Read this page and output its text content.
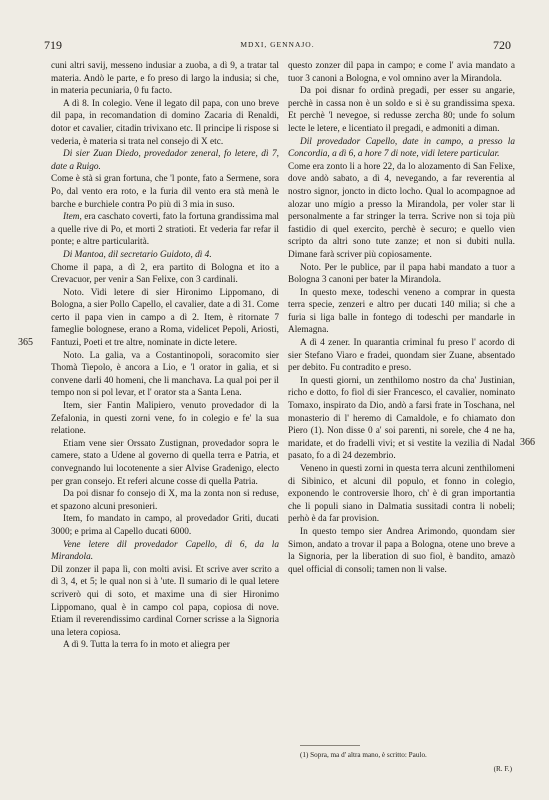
719	MDXI, GENNAJO.	720
365
366

cuni altri savij, messeno indusiar a zuoba, a dì 9, a tratar tal materia. Andò le parte, e fo preso di largo la indusia; si che, in materia pecuniaria, 0 fu facto.

A dì 8. In colegio. Vene il legato dil papa, con uno breve dil papa, in recomandation di domino Zacaria di Renaldi, dotor et cavalier, citadin trivixano etc. Il principe li rispose si vederia, è materia si trata nel consejo di X etc.

Di sier Zuan Diedo, provedador zeneral, fo letere, dì 7, date a Ruigo.

Come è stà si gran fortuna, che 'l ponte, fato a Sermene, sora Po, dal vento era roto, e la furia dil vento era stà menà le barche e burchiele contra Po più di 3 mia in suso.

Item, era caschato coverti, fato la fortuna grandissima mal a quelle rive di Po, et morti 2 stratioti. Et vederia far refar il ponte; e altre particularità.

Di Mantoa, dil secretario Guidoto, dì 4.

Chome il papa, a dì 2, era partito di Bologna et ito a Crevacuor, per venir a San Felixe, con 3 cardinali.

Noto. Vidi letere di sier Hironimo Lippomano, di Bologna, a sier Pollo Capello, el cavalier, date a dì 31. Come certo il papa vien in campo a dì 2. Item, è ritornate 7 fameglie bolognese, erano a Roma, videlicet Pepoli, Ariosti, Fantuzi, Poeti et tre altre, nominate in dicte letere.

Noto. La galia, va a Costantinopoli, soracomito sier Thomà Tiepolo, è ancora a Lio, e 'l orator in galia, et si convene darli 40 homeni, che li manchava. La qual poi per il tempo non si pol levar, et l' orator sta a Santa Lena.

Item, sier Fantin Malipiero, venuto provedador di la Zefalonia, in questi zorni vene, fo in colegio e fe' la sua relatione.

Etiam vene sier Orssato Zustignan, provedador sopra le camere, stato a Udene al governo di quella terra e Patria, et convegnando lui locotenente a sier Alvise Gradenigo, electo per gran consejo. Et referi alcune cosse di quella Patria.

Da poi disnar fo consejo di X, ma la zonta non si reduse, et spazono alcuni presonieri.

Item, fo mandato in campo, al provedador Griti, ducati 3000; e prima al Capello ducati 6000.

Vene letere dil provedador Capello, di 6, da la Mirandola.

Dil zonzer il papa lì, con molti avisi. Et scrive aver scrito a dì 3, 4, et 5; le qual non si à 'ute. Il sumario di le qual letere scriverò qui di soto, et maxime una di sier Hironimo Lippomano, qual è in campo col papa, copiosa di nove. Etiam il reverendissimo cardinal Corner scrisse a la Signoria una letera copiosa.

A dì 9. Tutta la terra fo in moto et aliegra per

questo zonzer dil papa in campo; e come l' avia mandato a tuor 3 canoni a Bologna, e vol omnino aver la Mirandola.

Da poi disnar fo ordinà pregadi, per esser su angarie, perchè in cassa non è un soldo e si è su grandissima spexa. Et perchè 'l nevegoe, si redusse zercha 80; unde fo solum lecte le letere, e licentiato il pregadi, e admoniti a diman.

Dil provedador Capello, date in campo, a presso la Concordia, a dì 6, a hore 7 di note, vidi letere particular.

Come era zonto li a hore 22, da lo alozamento di San Felixe, dove andò sabato, a dì 4, nevegando, a far reverentia al nostro signor, joncto in dicto locho. Qual lo acompagnoe ad alozar uno mígio a presso la Mirandola, per voler star li personalmente a far stringer la terra. Scrive non si toja più fastidio di quel exercito, perchè è securo; e quello vien scripto da altri sono tute zanze; et non si dubiti nulla. Dimane farà scriver più copiosamente.

Noto. Per le publice, par il papa habi mandato a tuor a Bologna 3 canoni per bater la Mirandola.

In questo mexe, todeschi veneno a comprar in questa terra specie, zenzeri e altro per ducati 140 milia; si che a furia si liga balle in fontego di todeschi per mandarle in Alemagna.

A dì 4 zener. In quarantia criminal fu preso l' acordo di sier Stefano Viaro e fradei, quondam sier Zuane, absentado per debito. Fu contradito e preso.

In questi giorni, un zenthilomo nostro da cha' Justinian, richo e dotto, fo fiol di sier Francesco, el cavalier, nominato Tomaxo, inspirato da Dio, andò a farsi frate in Toschana, nel monasterio di l' heremo di Camaldole, e fo chiamato don Piero (1). Non disse 0 a' soi parenti, ni sorele, che 4 ne ha, maridate, et do fradelli vivi; et si vestite la vezilia di Nadal pasato, fo a dì 24 dezembrio.

Veneno in questi zorni in questa terra alcuni zenthilomeni di Sibinico, et alcuni dil populo, et fonno in colegio, exponendo le controversie lhoro, ch' è di gran importantia che li populi siano in Dalmatia sussitadi contra li nobeli; perhò è da far provision.

In questo tempo sier Andrea Arimondo, quondam sier Simon, andato a trovar il papa a Bologna, otene uno breve a la Signoria, per la liberation di suo fiol, è bandito, amazò quel official di consoli; tamen non li valse.

(1) Sopra, ma d' altra mano, è scritto: Paulo.
(R. F.)
